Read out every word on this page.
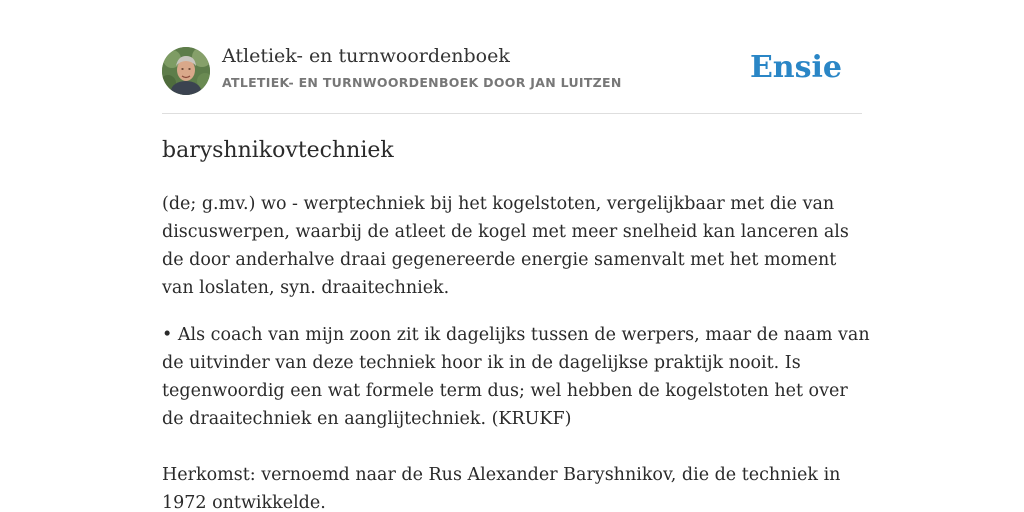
Atletiek- en turnwoordenboek
ATLETIEK- EN TURNWOORDENBOEK DOOR JAN LUITZEN	Ensie
baryshnikovtechniek

(de; g.mv.) wo - werptechniek bij het kogelstoten, vergelijkbaar met die van discuswerpen, waarbij de atleet de kogel met meer snelheid kan lanceren als de door anderhalve draai gegenereerde energie samenvalt met het moment van loslaten, syn. draaitechniek.

• Als coach van mijn zoon zit ik dagelijks tussen de werpers, maar de naam van de uitvinder van deze techniek hoor ik in de dagelijkse praktijk nooit. Is tegenwoordig een wat formele term dus; wel hebben de kogelstoten het over de draaitechniek en aanglijtechniek. (KRUKF)

Herkomst: vernoemd naar de Rus Alexander Baryshnikov, die de techniek in 1972 ontwikkelde.
